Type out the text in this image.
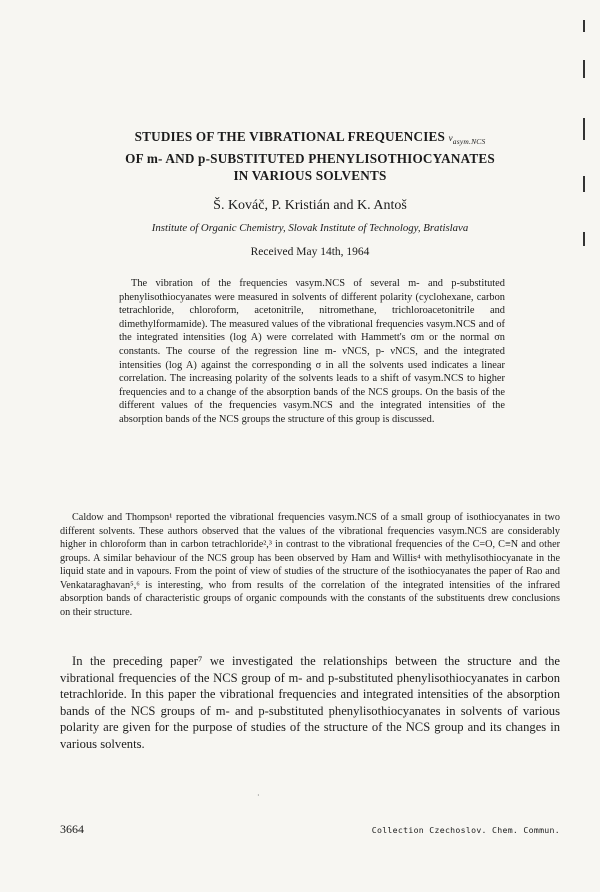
STUDIES OF THE VIBRATIONAL FREQUENCIES $\nu_{asym.NCS}$
OF m- AND p-SUBSTITUTED PHENYLISOTHIOCYANATES
IN VARIOUS SOLVENTS
Š. Kováč, P. Kristián and K. Antoš
Institute of Organic Chemistry, Slovak Institute of Technology, Bratislava
Received May 14th, 1964

The vibration of the frequencies νasym.NCS of several m- and p-substituted phenylisothiocyanates were measured in solvents of different polarity (cyclohexane, carbon tetrachloride, chloroform, acetonitrile, nitromethane, trichloroacetonitrile and dimethylformamide). The measured values of the vibrational frequencies νasym.NCS and of the integrated intensities (log A) were correlated with Hammett's σm or the normal σn constants. The course of the regression line m- νNCS, p- νNCS, and the integrated intensities (log A) against the corresponding σ in all the solvents used indicates a linear correlation. The increasing polarity of the solvents leads to a shift of νasym.NCS to higher frequencies and to a change of the absorption bands of the NCS groups. On the basis of the different values of the frequencies νasym.NCS and the integrated intensities of the absorption bands of the NCS groups the structure of this group is discussed.

Caldow and Thompson¹ reported the vibrational frequencies νasym.NCS of a small group of isothiocyanates in two different solvents. These authors observed that the values of the vibrational frequencies νasym.NCS are considerably higher in chloroform than in carbon tetrachloride²,³ in contrast to the vibrational frequencies of the C=O, C≡N and other groups. A similar behaviour of the NCS group has been observed by Ham and Willis⁴ with methylisothiocyanate in the liquid state and in vapours. From the point of view of studies of the structure of the isothiocyanates the paper of Rao and Venkataraghavan⁵,⁶ is interesting, who from results of the correlation of the integrated intensities of the infrared absorption bands of characteristic groups of organic compounds with the constants of the substituents drew conclusions on their structure.

In the preceding paper⁷ we investigated the relationships between the structure and the vibrational frequencies of the NCS group of m- and p-substituted phenylisothiocyanates in carbon tetrachloride. In this paper the vibrational frequencies and integrated intensities of the absorption bands of the NCS groups of m- and p-substituted phenylisothiocyanates in solvents of various polarity are given for the purpose of studies of the structure of the NCS group and its changes in various solvents.

·
3664	Collection Czechoslov. Chem. Commun.
